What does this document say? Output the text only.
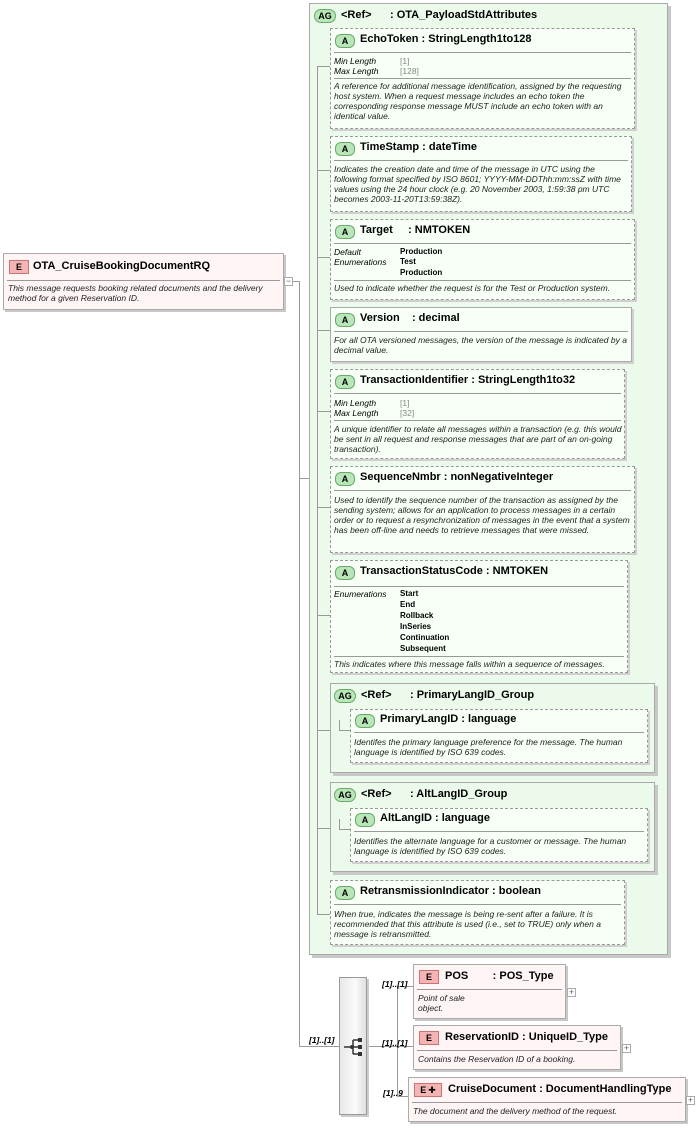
E	OTA_CruiseBookingDocumentRQ
This message requests booking related documents and the delivery method for a given Reservation ID.
−
AG <Ref> : OTA_PayloadStdAttributes
A	EchoToken : StringLength1to128
Min Length	[1]
Max Length	[128]
A reference for additional message identification, assigned by the requesting host system. When a request message includes an echo token the corresponding response message MUST include an echo token with an identical value.
A	TimeStamp : dateTime
Indicates the creation date and time of the message in UTC using the following format specified by ISO 8601; YYYY-MM-DDThh:mm:ssZ with time values using the 24 hour clock (e.g. 20 November 2003, 1:59:38 pm UTC becomes 2003-11-20T13:59:38Z).
A	Target     : NMTOKEN
Default	Production
Enumerations Test
Production
Used to indicate whether the request is for the Test or Production system.
A	Version    : decimal
For all OTA versioned messages, the version of the message is indicated by a decimal value.
A	TransactionIdentifier : StringLength1to32
Min Length	[1]
Max Length	[32]
A unique identifier to relate all messages within a transaction (e.g. this would be sent in all request and response messages that are part of an on-going transaction).
A	SequenceNmbr : nonNegativeInteger
Used to identify the sequence number of the transaction as assigned by the sending system; allows for an application to process messages in a certain order or to request a resynchronization of messages in the event that a system has been off-line and needs to retrieve messages that were missed.
A	TransactionStatusCode : NMTOKEN
Enumerations Start
End
Rollback
InSeries
Continuation
Subsequent
This indicates where this message falls within a sequence of messages.
AG <Ref> : PrimaryLangID_Group
A	PrimaryLangID : language
Identifes the primary language preference for the message. The human language is identified by ISO 639 codes.
AG <Ref> : AltLangID_Group
A	AltLangID : language
Identifies the alternate language for a customer or message. The human language is identified by ISO 639 codes.
A	RetransmissionIndicator : boolean
When true, indicates the message is being re-sent after a failure. It is recommended that this attribute is used (i.e., set to TRUE) only when a message is retransmitted.
[1]..[1]
[1]..[1]
E	POS        : POS_Type
Point of sale object.
+
[1]..[1]	E	ReservationID : UniqueID_Type
Contains the Reservation ID of a booking.
+
[1]..9	E ✚	CruiseDocument : DocumentHandlingType
The document and the delivery method of the request.
+
